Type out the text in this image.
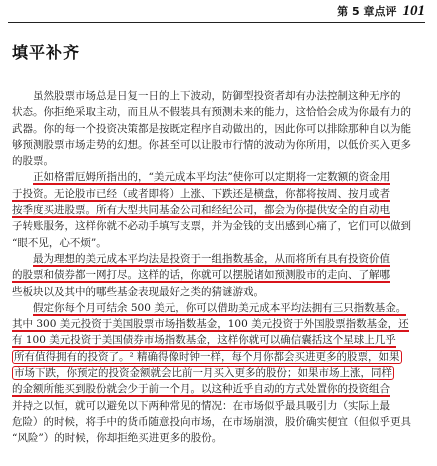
第 5 章点评 101
填平补齐

虽然股票市场总是日复一日的上下波动，防御型投资者却有办法控制这种无序的
状态。你拒绝采取主动，而且从不假装具有预测未来的能力，这恰恰会成为你最有力的
武器。你的每一个投资决策都是按既定程序自动做出的，因此你可以排除那种自以为能
够预测股票市场走势的幻想。你甚至可以让股市行情的波动为你所用，以低价买入更多
的股票。

正如格雷厄姆所指出的，“美元成本平均法”使你可以定期将一定数额的资金用
于投资。无论股市已经（或者即将）上涨、下跌还是横盘，你都将按周、按月或者
按季度买进股票。所有大型共同基金公司和经纪公司，都会为你提供安全的自动电
子转账服务，这样你就不必动手填写支票，并为金钱的支出感到心痛了，它们可以做到
“眼不见，心不烦”。

最为理想的美元成本平均法是投资于一组指数基金，从而将所有具有投资价值
的股票和债券都一网打尽。这样的话，你就可以摆脱诸如预测股市的走向、了解哪
些板块以及其中的哪些基金表现最好之类的猜谜游戏。

假定你每个月可结余 500 美元，你可以借助美元成本平均法拥有三只指数基金。
其中 300 美元投资于美国股票市场指数基金，100 美元投资于外国股票指数基金，还
有 100 美元投资于美国债券市场指数基金，这样你就可以确信囊括这个星球上几乎
所有值得拥有的投资了。² 精确得像时钟一样，每个月你都会买进更多的股票，如果
市场下跌，你预定的投资金额就会比前一月买入更多的股份；如果市场上涨，同样
的金额所能买到股份就会少于前一个月。以这种近乎自动的方式处置你的投资组合
并持之以恒，就可以避免以下两种常见的情况：在市场似乎最具吸引力（实际上最
危险）的时候，将手中的货币随意投向市场，在市场崩溃，股价确实便宜（但似乎更具
“风险”）的时候，你却拒绝买进更多的股份。
